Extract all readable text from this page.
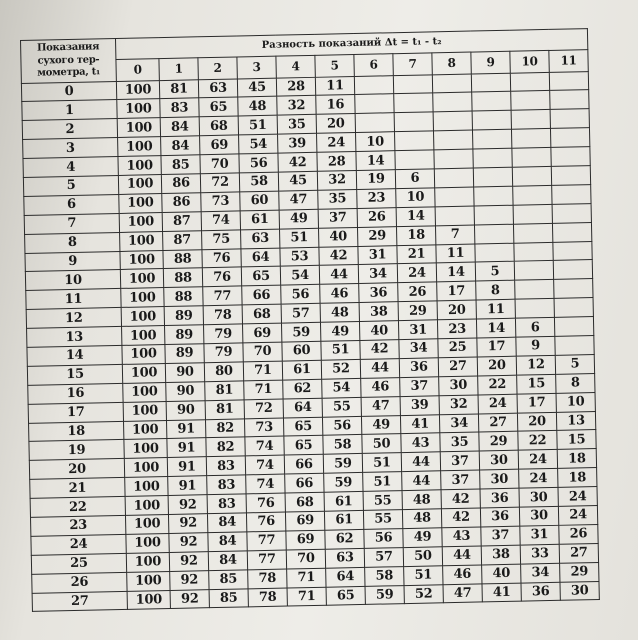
Показания сухого тер-мометра, t₁	Разность показаний Δt = t₁ - t₂											
	0	1	2	3	4	5	6	7	8	9	10	11
0	100	81	63	45	28	11						
1	100	83	65	48	32	16						
2	100	84	68	51	35	20						
3	100	84	69	54	39	24	10					
4	100	85	70	56	42	28	14					
5	100	86	72	58	45	32	19	6				
6	100	86	73	60	47	35	23	10				
7	100	87	74	61	49	37	26	14				
8	100	87	75	63	51	40	29	18	7			
9	100	88	76	64	53	42	31	21	11			
10	100	88	76	65	54	44	34	24	14	5		
11	100	88	77	66	56	46	36	26	17	8		
12	100	89	78	68	57	48	38	29	20	11		
13	100	89	79	69	59	49	40	31	23	14	6	
14	100	89	79	70	60	51	42	34	25	17	9	
15	100	90	80	71	61	52	44	36	27	20	12	5
16	100	90	81	71	62	54	46	37	30	22	15	8
17	100	90	81	72	64	55	47	39	32	24	17	10
18	100	91	82	73	65	56	49	41	34	27	20	13
19	100	91	82	74	65	58	50	43	35	29	22	15
20	100	91	83	74	66	59	51	44	37	30	24	18
21	100	91	83	74	66	59	51	44	37	30	24	18
22	100	92	83	76	68	61	55	48	42	36	30	24
23	100	92	84	76	69	61	55	48	42	36	30	24
24	100	92	84	77	69	62	56	49	43	37	31	26
25	100	92	84	77	70	63	57	50	44	38	33	27
26	100	92	85	78	71	64	58	51	46	40	34	29
27	100	92	85	78	71	65	59	52	47	41	36	30
